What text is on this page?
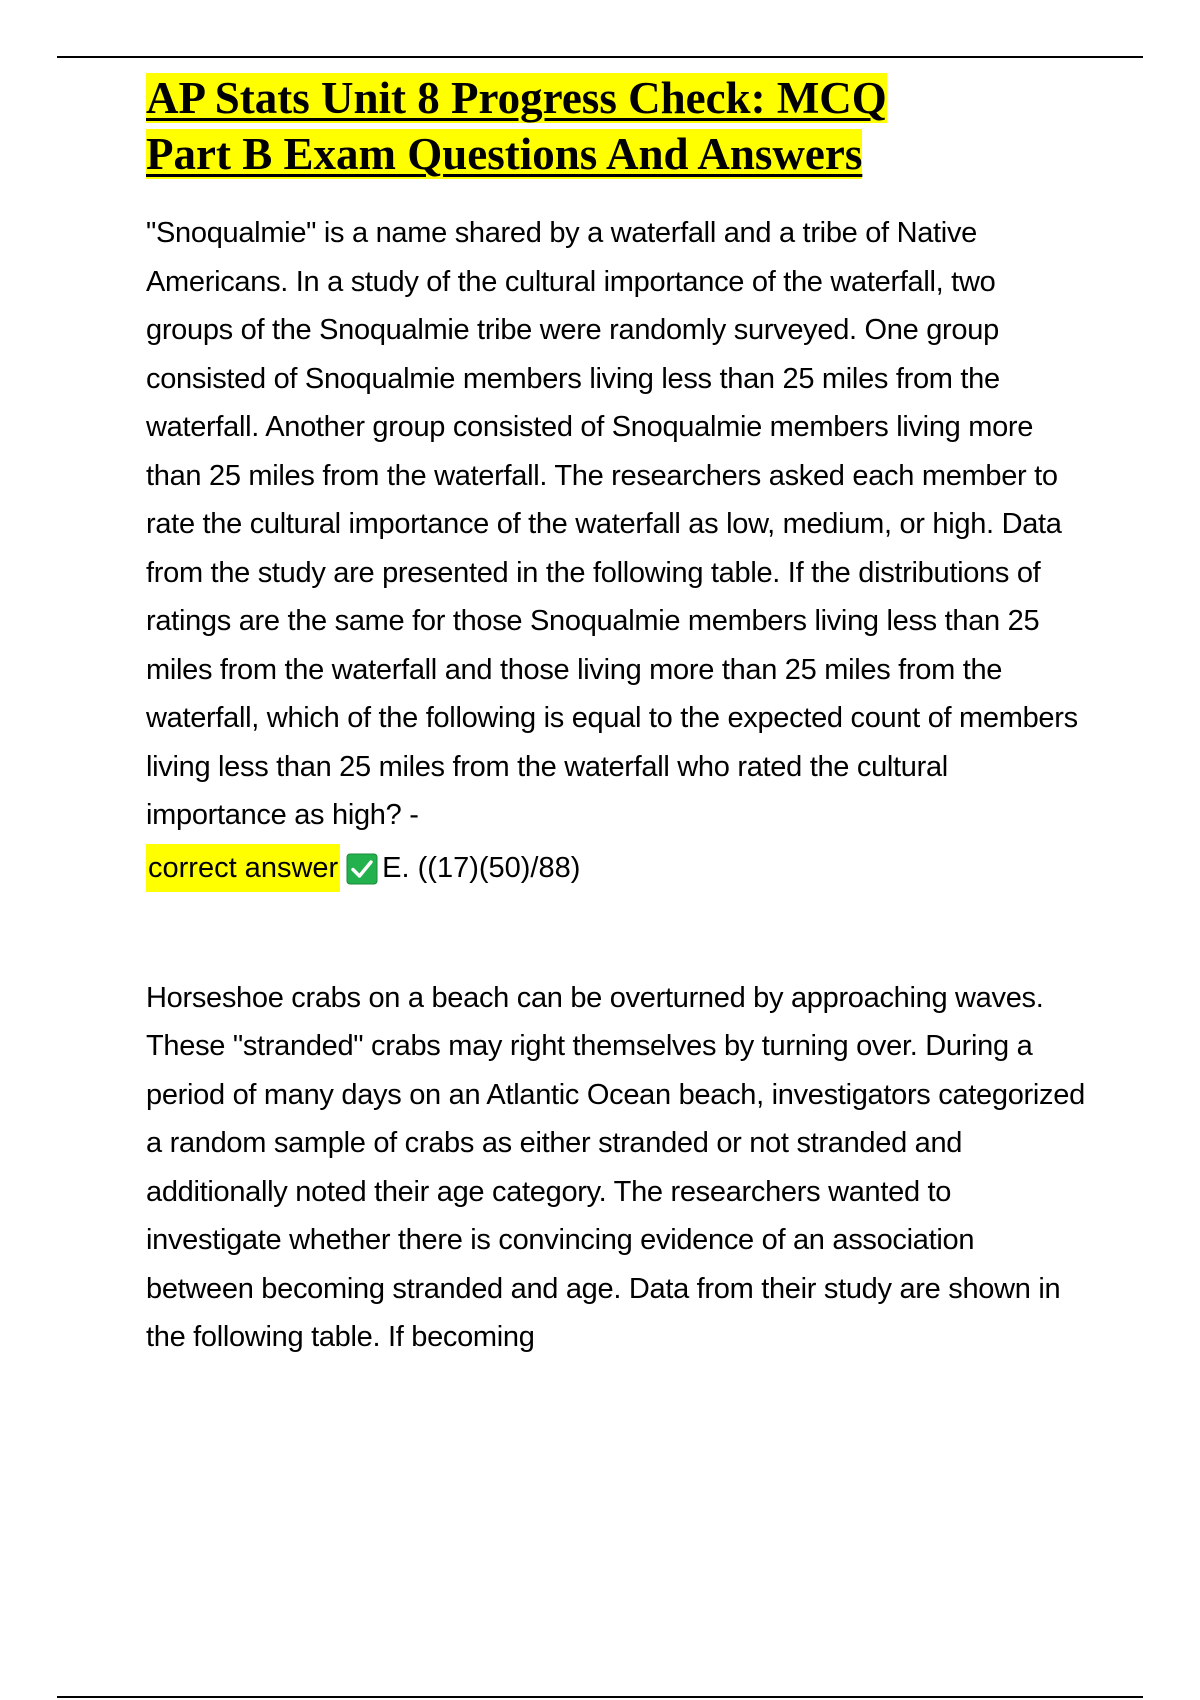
AP Stats Unit 8 Progress Check: MCQ Part B Exam Questions And Answers

"Snoqualmie" is a name shared by a waterfall and a tribe of Native Americans. In a study of the cultural importance of the waterfall, two groups of the Snoqualmie tribe were randomly surveyed. One group consisted of Snoqualmie members living less than 25 miles from the waterfall. Another group consisted of Snoqualmie members living more than 25 miles from the waterfall. The researchers asked each member to rate the cultural importance of the waterfall as low, medium, or high. Data from the study are presented in the following table. If the distributions of ratings are the same for those Snoqualmie members living less than 25 miles from the waterfall and those living more than 25 miles from the waterfall, which of the following is equal to the expected count of members living less than 25 miles from the waterfall who rated the cultural importance as high? -

correct answer E. ((17)(50)/88)

Horseshoe crabs on a beach can be overturned by approaching waves. These "stranded" crabs may right themselves by turning over. During a period of many days on an Atlantic Ocean beach, investigators categorized a random sample of crabs as either stranded or not stranded and additionally noted their age category. The researchers wanted to investigate whether there is convincing evidence of an association between becoming stranded and age. Data from their study are shown in the following table. If becoming
